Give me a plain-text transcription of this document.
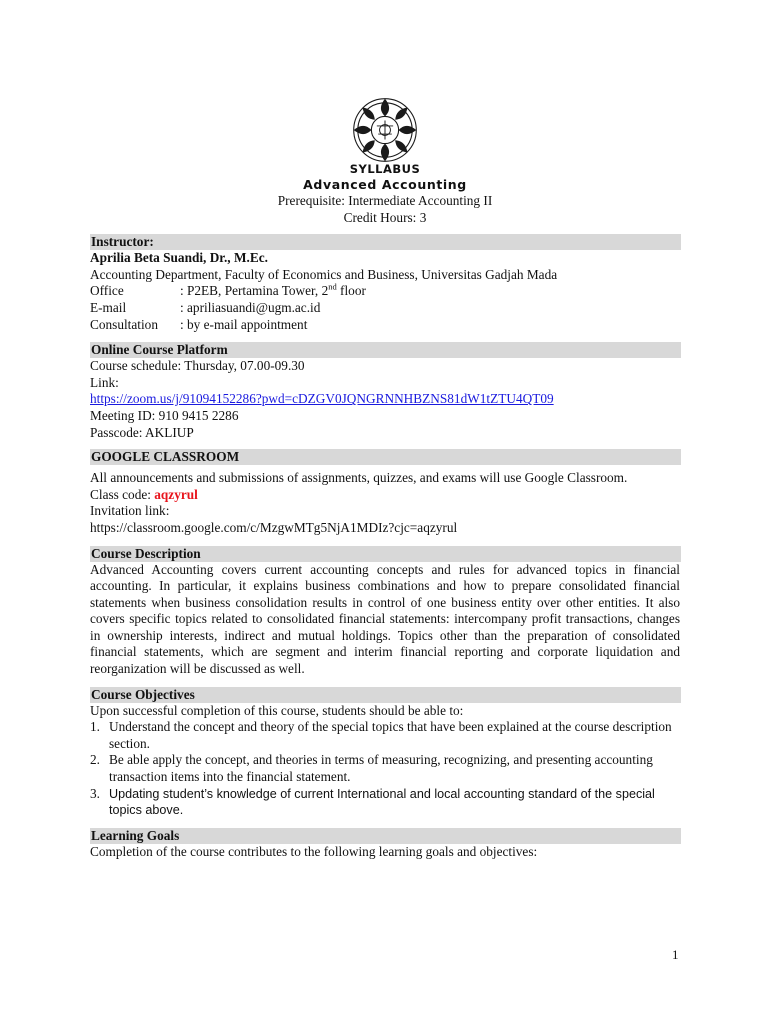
SYLLABUS
Advanced Accounting
Prerequisite: Intermediate Accounting II
Credit Hours: 3
Instructor:
Aprilia Beta Suandi, Dr., M.Ec.
Accounting Department, Faculty of Economics and Business, Universitas Gadjah Mada
Office	: P2EB, Pertamina Tower, 2nd floor
E-mail	: apriliasuandi@ugm.ac.id
Consultation	: by e-mail appointment
Online Course Platform
Course schedule: Thursday, 07.00-09.30
Link:
https://zoom.us/j/91094152286?pwd=cDZGV0JQNGRNNHBZNS81dW1tZTU4QT09
Meeting ID: 910 9415 2286
Passcode: AKLIUP
GOOGLE CLASSROOM
All announcements and submissions of assignments, quizzes, and exams will use Google Classroom.
Class code: aqzyrul
Invitation link:
https://classroom.google.com/c/MzgwMTg5NjA1MDIz?cjc=aqzyrul
Course Description
Advanced Accounting covers current accounting concepts and rules for advanced topics in financial accounting. In particular, it explains business combinations and how to prepare consolidated financial statements when business consolidation results in control of one business entity over other entities. It also covers specific topics related to consolidated financial statements: intercompany profit transactions, changes in ownership interests, indirect and mutual holdings. Topics other than the preparation of consolidated financial statements, which are segment and interim financial reporting and corporate liquidation and reorganization will be discussed as well.
Course Objectives
Upon successful completion of this course, students should be able to:
1. Understand the concept and theory of the special topics that have been explained at the course description section.
2. Be able apply the concept, and theories in terms of measuring, recognizing, and presenting accounting transaction items into the financial statement.
3. Updating student’s knowledge of current International and local accounting standard of the special topics above.
Learning Goals
Completion of the course contributes to the following learning goals and objectives:
1
